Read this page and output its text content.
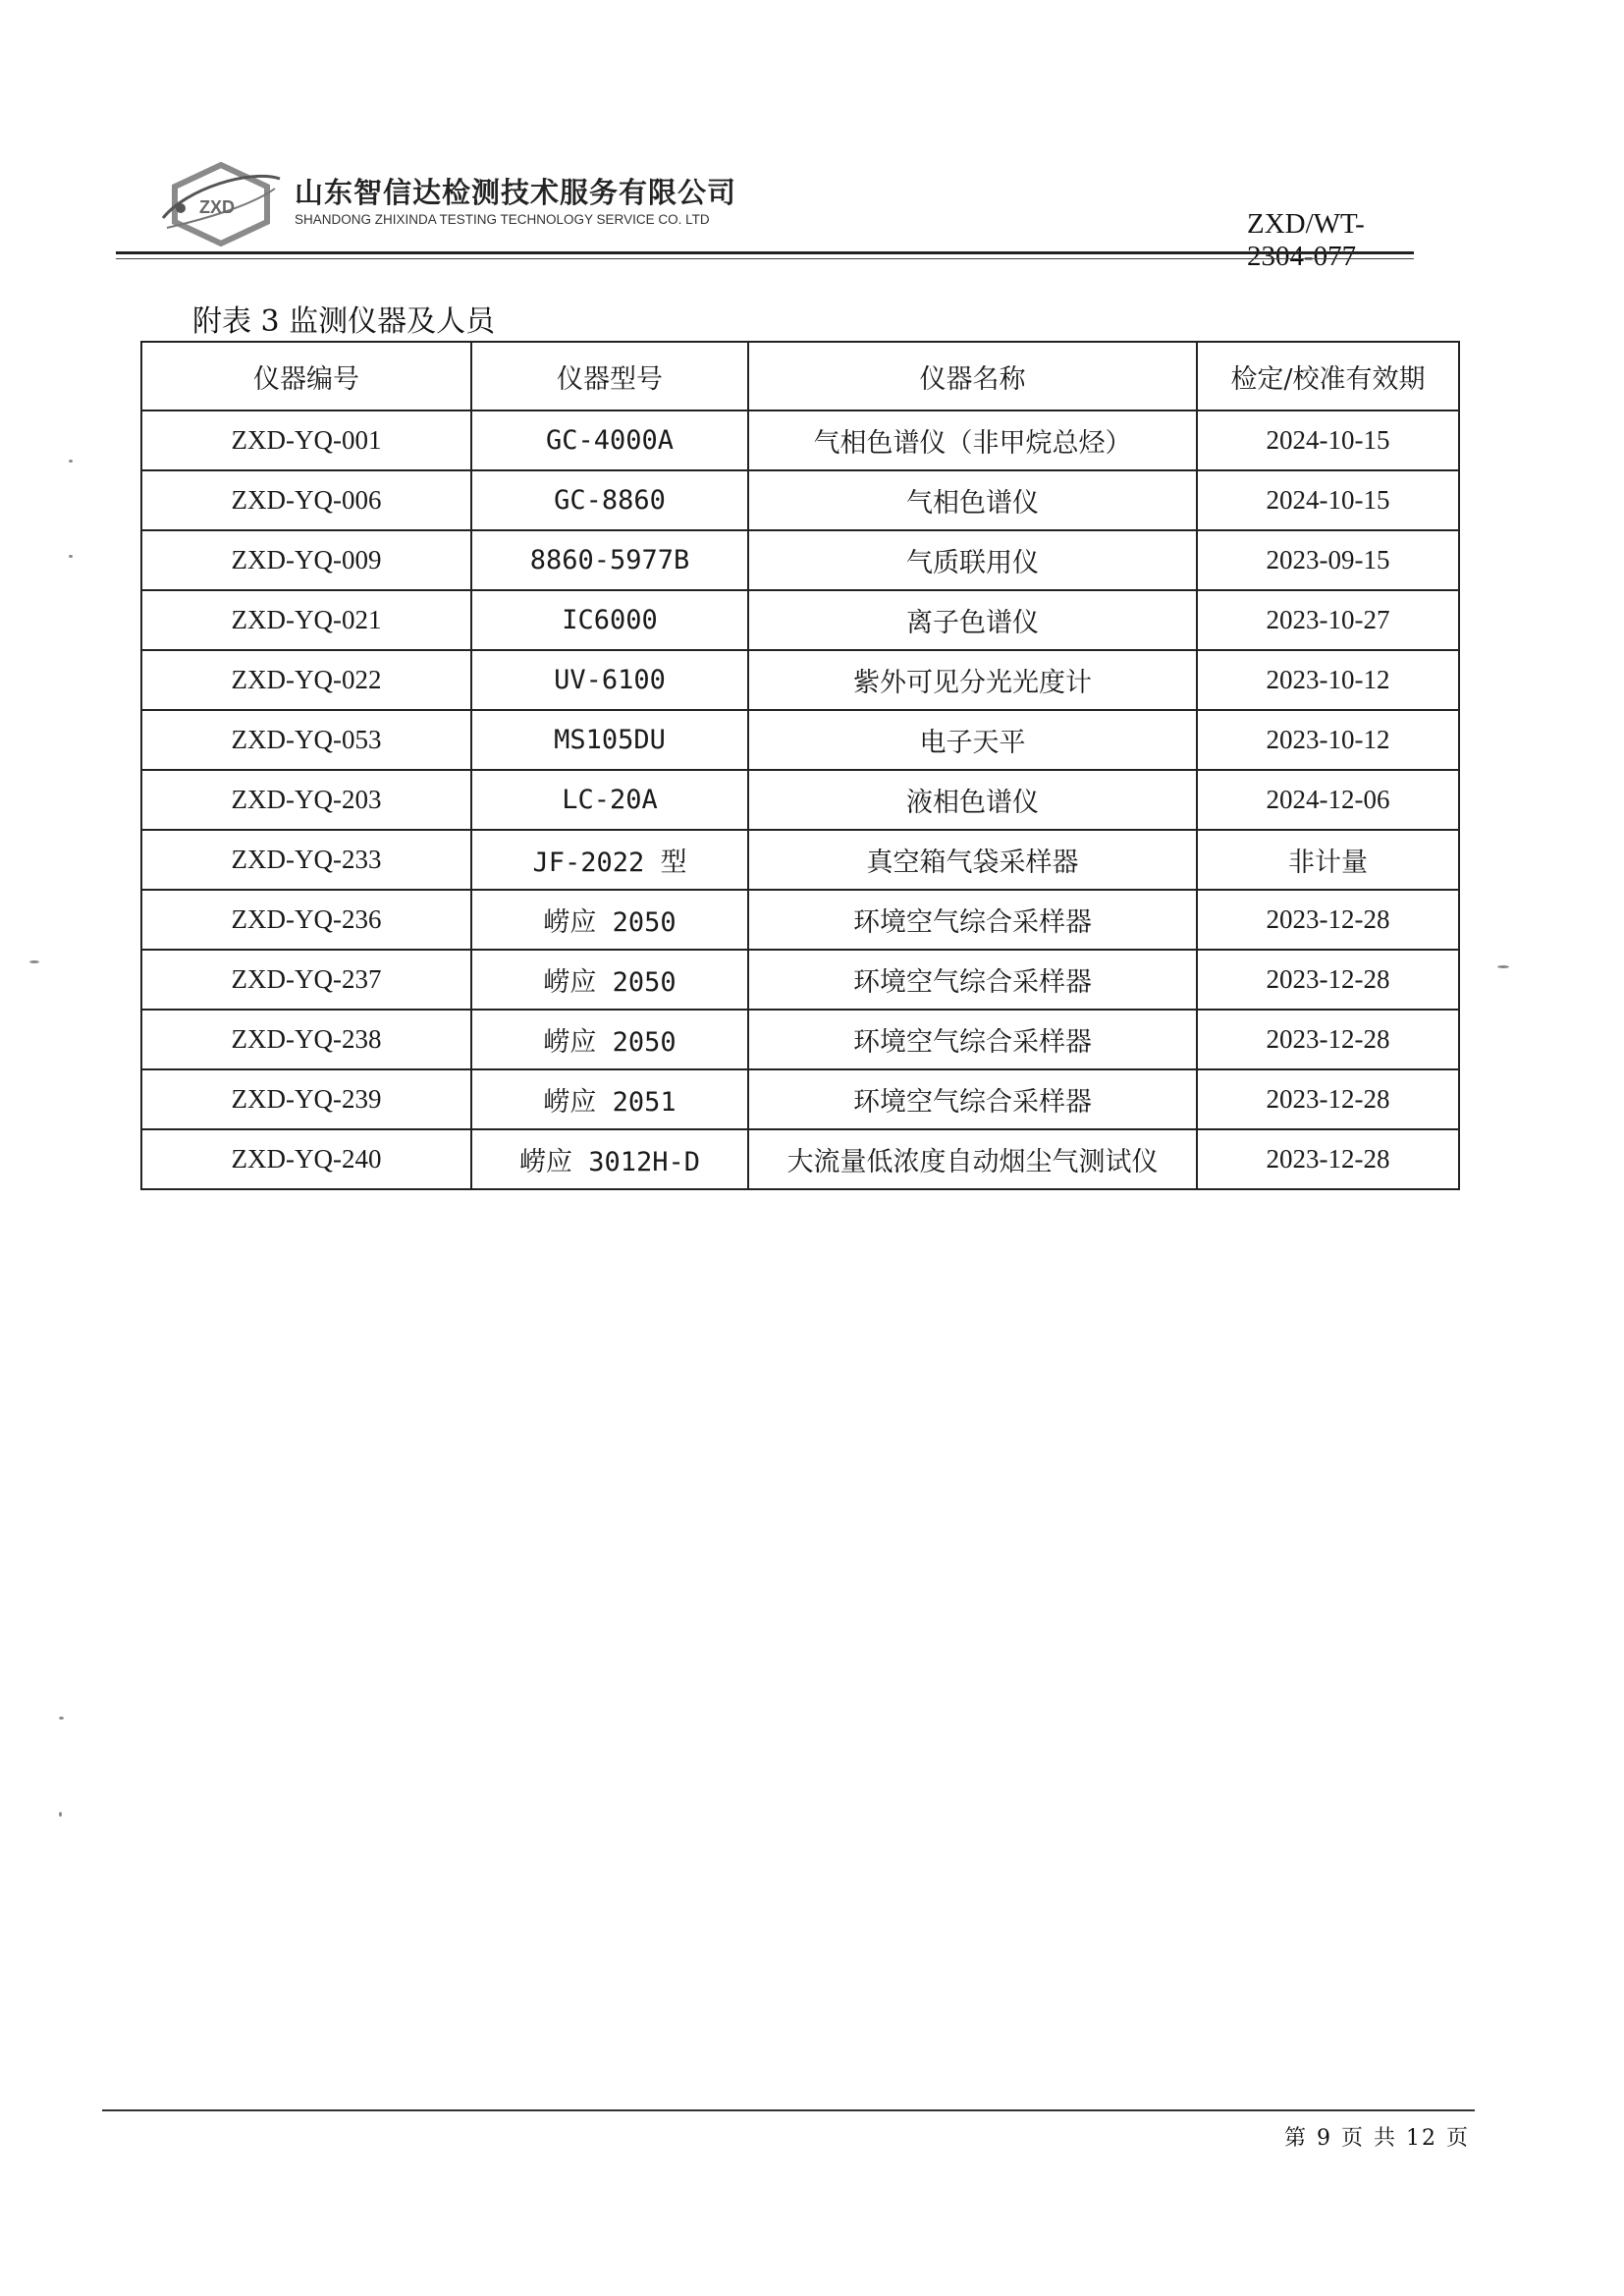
ZXD 山东智信达检测技术服务有限公司
SHANDONG ZHIXINDA TESTING TECHNOLOGY SERVICE CO. LTD	ZXD/WT-2304-077
附表 3 监测仪器及人员
仪器编号	仪器型号	仪器名称	检定/校准有效期
ZXD-YQ-001	GC-4000A	气相色谱仪（非甲烷总烃）	2024-10-15
ZXD-YQ-006	GC-8860	气相色谱仪	2024-10-15
ZXD-YQ-009	8860-5977B	气质联用仪	2023-09-15
ZXD-YQ-021	IC6000	离子色谱仪	2023-10-27
ZXD-YQ-022	UV-6100	紫外可见分光光度计	2023-10-12
ZXD-YQ-053	MS105DU	电子天平	2023-10-12
ZXD-YQ-203	LC-20A	液相色谱仪	2024-12-06
ZXD-YQ-233	JF-2022 型	真空箱气袋采样器	非计量
ZXD-YQ-236	崂应 2050	环境空气综合采样器	2023-12-28
ZXD-YQ-237	崂应 2050	环境空气综合采样器	2023-12-28
ZXD-YQ-238	崂应 2050	环境空气综合采样器	2023-12-28
ZXD-YQ-239	崂应 2051	环境空气综合采样器	2023-12-28
ZXD-YQ-240	崂应 3012H-D	大流量低浓度自动烟尘气测试仪	2023-12-28
第 9 页 共 12 页
